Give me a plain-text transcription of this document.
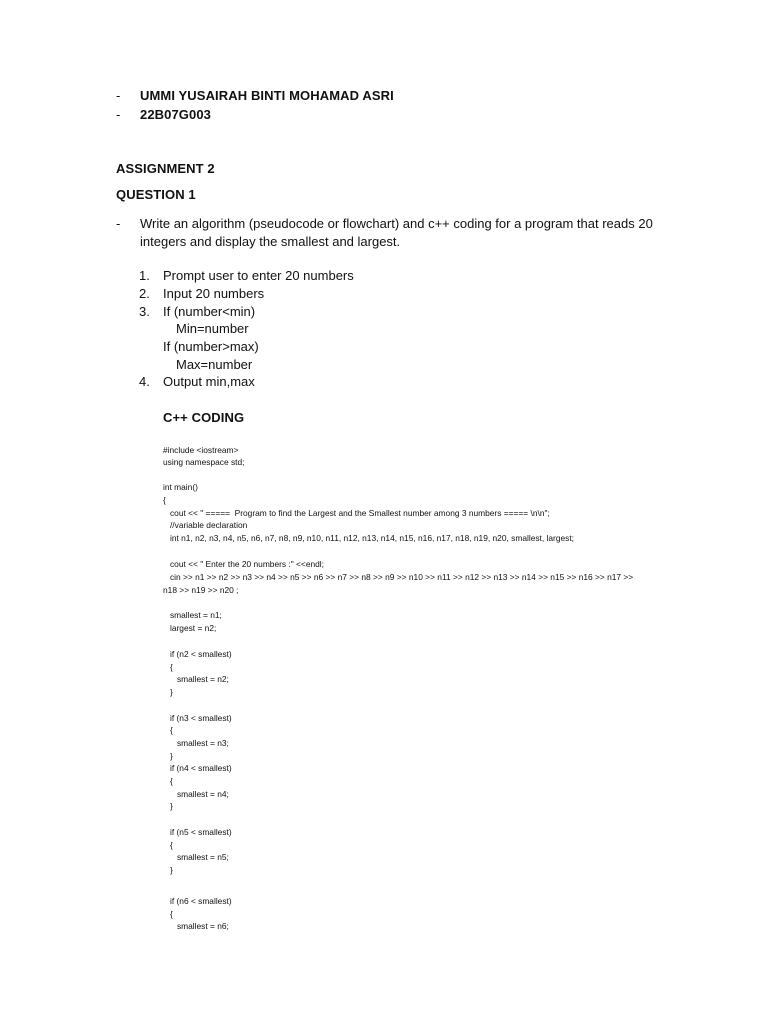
- UMMI YUSAIRAH BINTI MOHAMAD ASRI
- 22B07G003
ASSIGNMENT 2
QUESTION 1
- Write an algorithm (pseudocode or flowchart) and c++ coding for a program that reads 20
integers and display the smallest and largest.
1. Prompt user to enter 20 numbers
2. Input 20 numbers
3. If (number<min)
Min=number
If (number>max)
Max=number
4. Output min,max
C++ CODING
#include <iostream>
using namespace std;
int main()
{
cout << " =====  Program to find the Largest and the Smallest number among 3 numbers ===== \n\n";
//variable declaration
int n1, n2, n3, n4, n5, n6, n7, n8, n9, n10, n11, n12, n13, n14, n15, n16, n17, n18, n19, n20, smallest, largest;
cout << " Enter the 20 numbers :" <<endl;
cin >> n1 >> n2 >> n3 >> n4 >> n5 >> n6 >> n7 >> n8 >> n9 >> n10 >> n11 >> n12 >> n13 >> n14 >> n15 >> n16 >> n17 >>
n18 >> n19 >> n20 ;
smallest = n1;
largest = n2;
if (n2 < smallest)
{
smallest = n2;
}
if (n3 < smallest)
{
smallest = n3;
}
if (n4 < smallest)
{
smallest = n4;
}
if (n5 < smallest)
{
smallest = n5;
}
if (n6 < smallest)
{
smallest = n6;
